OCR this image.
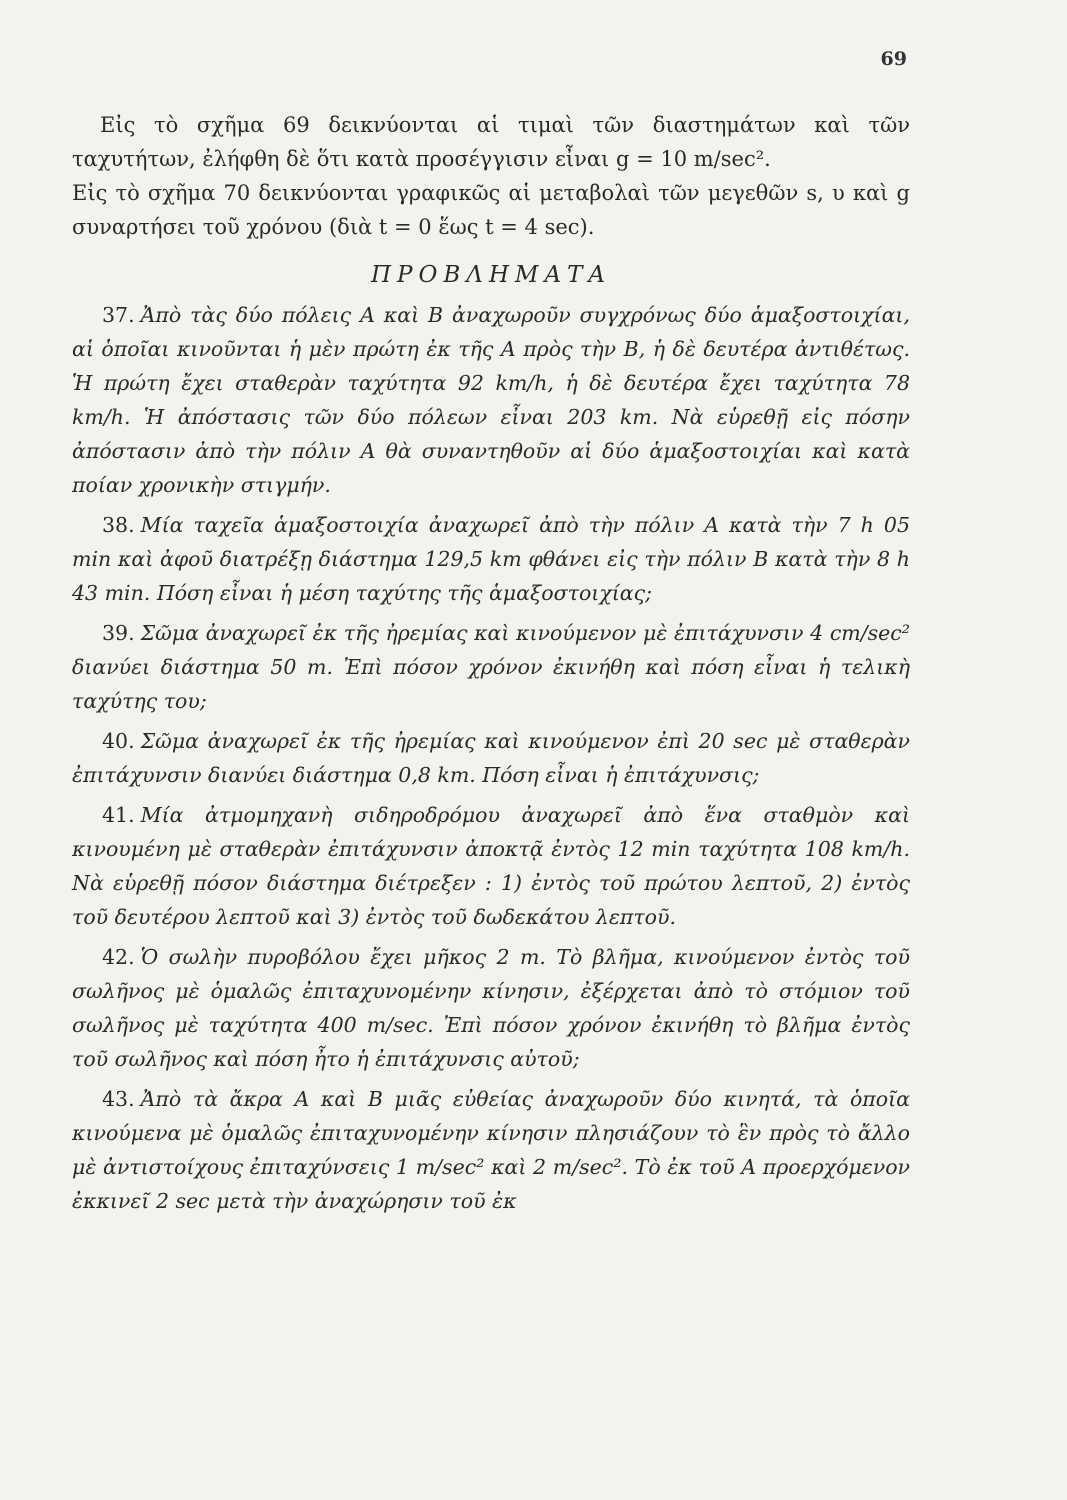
69

Εἰς τὸ σχῆμα 69 δεικνύονται αἱ τιμαὶ τῶν διαστημάτων καὶ τῶν ταχυτήτων, ἐλήφθη δὲ ὅτι κατὰ προσέγγισιν εἶναι g = 10 m/sec².

Εἰς τὸ σχῆμα 70 δεικνύονται γραφικῶς αἱ μεταβολαὶ τῶν μεγεθῶν s, υ καὶ g συναρτήσει τοῦ χρόνου (διὰ t = 0 ἕως t = 4 sec).

ΠΡΟΒΛΗΜΑΤΑ

37. Ἀπὸ τὰς δύο πόλεις Α καὶ Β ἀναχωροῦν συγχρόνως δύο ἁμαξοστοιχίαι, αἱ ὁποῖαι κινοῦνται ἡ μὲν πρώτη ἐκ τῆς Α πρὸς τὴν Β, ἡ δὲ δευτέρα ἀντιθέτως. Ἡ πρώτη ἔχει σταθερὰν ταχύτητα 92 km/h, ἡ δὲ δευτέρα ἔχει ταχύτητα 78 km/h. Ἡ ἀπόστασις τῶν δύο πόλεων εἶναι 203 km. Νὰ εὑρεθῇ εἰς πόσην ἀπόστασιν ἀπὸ τὴν πόλιν Α θὰ συναντηθοῦν αἱ δύο ἁμαξοστοιχίαι καὶ κατὰ ποίαν χρονικὴν στιγμήν.

38. Μία ταχεῖα ἁμαξοστοιχία ἀναχωρεῖ ἀπὸ τὴν πόλιν Α κατὰ τὴν 7 h 05 min καὶ ἀφοῦ διατρέξῃ διάστημα 129,5 km φθάνει εἰς τὴν πόλιν Β κατὰ τὴν 8 h 43 min. Πόση εἶναι ἡ μέση ταχύτης τῆς ἁμαξοστοιχίας;

39. Σῶμα ἀναχωρεῖ ἐκ τῆς ἠρεμίας καὶ κινούμενον μὲ ἐπιτάχυνσιν 4 cm/sec² διανύει διάστημα 50 m. Ἐπὶ πόσον χρόνον ἐκινήθη καὶ πόση εἶναι ἡ τελικὴ ταχύτης του;

40. Σῶμα ἀναχωρεῖ ἐκ τῆς ἠρεμίας καὶ κινούμενον ἐπὶ 20 sec μὲ σταθερὰν ἐπιτάχυνσιν διανύει διάστημα 0,8 km. Πόση εἶναι ἡ ἐπιτάχυνσις;

41. Μία ἀτμομηχανὴ σιδηροδρόμου ἀναχωρεῖ ἀπὸ ἕνα σταθμὸν καὶ κινουμένη μὲ σταθερὰν ἐπιτάχυνσιν ἀποκτᾷ ἐντὸς 12 min ταχύτητα 108 km/h. Νὰ εὑρεθῇ πόσον διάστημα διέτρεξεν : 1) ἐντὸς τοῦ πρώτου λεπτοῦ, 2) ἐντὸς τοῦ δευτέρου λεπτοῦ καὶ 3) ἐντὸς τοῦ δωδεκάτου λεπτοῦ.

42. Ὁ σωλὴν πυροβόλου ἔχει μῆκος 2 m. Τὸ βλῆμα, κινούμενον ἐντὸς τοῦ σωλῆνος μὲ ὁμαλῶς ἐπιταχυνομένην κίνησιν, ἐξέρχεται ἀπὸ τὸ στόμιον τοῦ σωλῆνος μὲ ταχύτητα 400 m/sec. Ἐπὶ πόσον χρόνον ἐκινήθη τὸ βλῆμα ἐντὸς τοῦ σωλῆνος καὶ πόση ἦτο ἡ ἐπιτάχυνσις αὐτοῦ;

43. Ἀπὸ τὰ ἄκρα Α καὶ Β μιᾶς εὐθείας ἀναχωροῦν δύο κινητά, τὰ ὁποῖα κινούμενα μὲ ὁμαλῶς ἐπιταχυνομένην κίνησιν πλησιάζουν τὸ ἓν πρὸς τὸ ἄλλο μὲ ἀντιστοίχους ἐπιταχύνσεις 1 m/sec² καὶ 2 m/sec². Τὸ ἐκ τοῦ Α προερχόμενον ἐκκινεῖ 2 sec μετὰ τὴν ἀναχώρησιν τοῦ ἐκ
